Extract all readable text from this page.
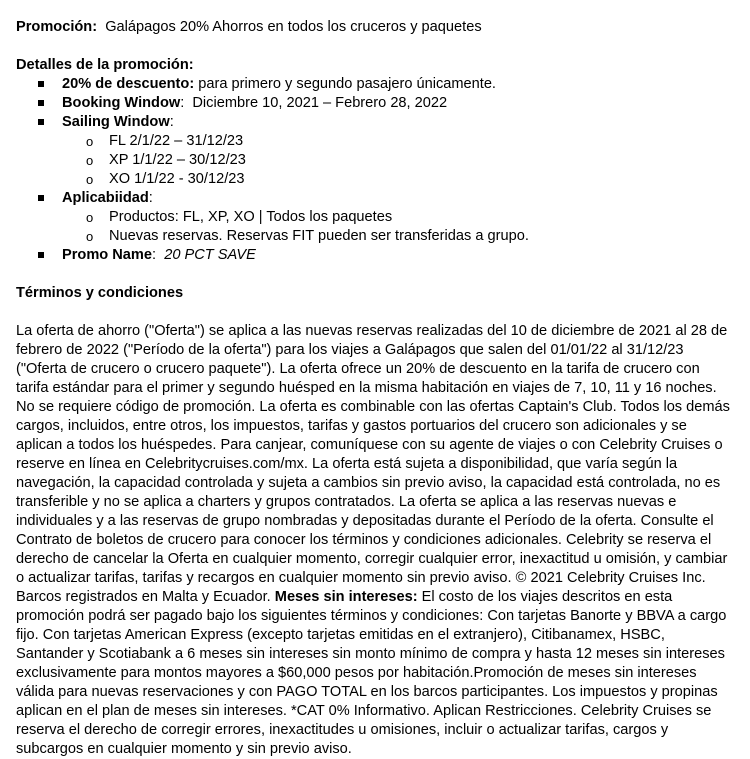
Promoción: Galápagos 20% Ahorros en todos los cruceros y paquetes
Detalles de la promoción:
20% de descuento: para primero y segundo pasajero únicamente.
Booking Window:  Diciembre 10, 2021 – Febrero 28, 2022
Sailing Window:
o FL 2/1/22 – 31/12/23
o XP 1/1/22 – 30/12/23
o XO 1/1/22 - 30/12/23
Aplicabiidad:
o Productos: FL, XP, XO | Todos los paquetes
o Nuevas reservas. Reservas FIT pueden ser transferidas a grupo.
Promo Name:  20 PCT SAVE
Términos y condiciones
La oferta de ahorro ("Oferta") se aplica a las nuevas reservas realizadas del 10 de diciembre de 2021 al 28 de
febrero de 2022 ("Período de la oferta") para los viajes a Galápagos que salen del 01/01/22 al 31/12/23
("Oferta de crucero o crucero paquete"). La oferta ofrece un 20% de descuento en la tarifa de crucero con
tarifa estándar para el primer y segundo huésped en la misma habitación en viajes de 7, 10, 11 y 16 noches.
No se requiere código de promoción. La oferta es combinable con las ofertas Captain's Club. Todos los demás
cargos, incluidos, entre otros, los impuestos, tarifas y gastos portuarios del crucero son adicionales y se
aplican a todos los huéspedes. Para canjear, comuníquese con su agente de viajes o con Celebrity Cruises o
reserve en línea en Celebritycruises.com/mx. La oferta está sujeta a disponibilidad, que varía según la
navegación, la capacidad controlada y sujeta a cambios sin previo aviso, la capacidad está controlada, no es
transferible y no se aplica a charters y grupos contratados. La oferta se aplica a las reservas nuevas e
individuales y a las reservas de grupo nombradas y depositadas durante el Período de la oferta. Consulte el
Contrato de boletos de crucero para conocer los términos y condiciones adicionales. Celebrity se reserva el
derecho de cancelar la Oferta en cualquier momento, corregir cualquier error, inexactitud u omisión, y cambiar
o actualizar tarifas, tarifas y recargos en cualquier momento sin previo aviso. © 2021 Celebrity Cruises Inc.
Barcos registrados en Malta y Ecuador. Meses sin intereses: El costo de los viajes descritos en esta
promoción podrá ser pagado bajo los siguientes términos y condiciones: Con tarjetas Banorte y BBVA a cargo
fijo. Con tarjetas American Express (excepto tarjetas emitidas en el extranjero), Citibanamex, HSBC,
Santander y Scotiabank a 6 meses sin intereses sin monto mínimo de compra y hasta 12 meses sin intereses
exclusivamente para montos mayores a $60,000 pesos por habitación.Promoción de meses sin intereses
válida para nuevas reservaciones y con PAGO TOTAL en los barcos participantes. Los impuestos y propinas
aplican en el plan de meses sin intereses. *CAT 0% Informativo. Aplican Restricciones. Celebrity Cruises se
reserva el derecho de corregir errores, inexactitudes u omisiones, incluir o actualizar tarifas, cargos y
subcargos en cualquier momento y sin previo aviso.
